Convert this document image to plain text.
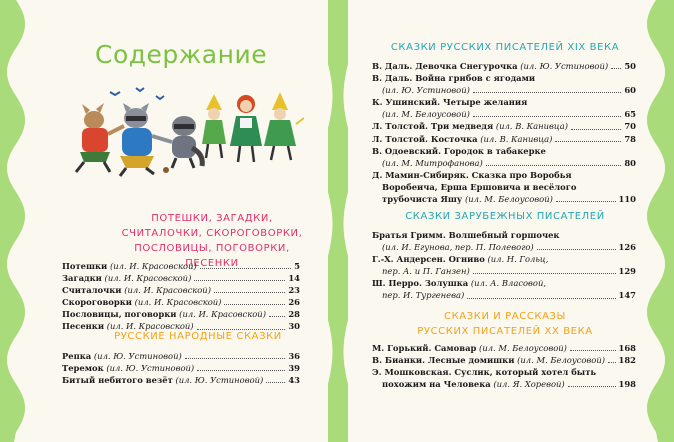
Содержание
ПОТЕШКИ, ЗАГАДКИ,
СЧИТАЛОЧКИ, СКОРОГОВОРКИ,
ПОСЛОВИЦЫ, ПОГОВОРКИ, ПЕСЕНКИ
Потешки (ил. И. Красовской)	5
Загадки (ил. И. Красовской)	14
Считалочки (ил. И. Красовской)	23
Скороговорки (ил. И. Красовской)	26
Пословицы, поговорки (ил. И. Красовской)	28
Песенки (ил. И. Красовской)	30
РУССКИЕ НАРОДНЫЕ СКАЗКИ
Репка (ил. Ю. Устиновой)	36
Теремок (ил. Ю. Устиновой)	39
Битый небитого везёт (ил. Ю. Устиновой)	43
СКАЗКИ РУССКИХ ПИСАТЕЛЕЙ XIX ВЕКА
В. Даль. Девочка Снегурочка (ил. Ю. Устиновой) 50
В. Даль. Война грибов с ягодами
(ил. Ю. Устиновой)	60
К. Ушинский. Четыре желания
(ил. М. Белоусовой)	65
Л. Толстой. Три медведя (ил. В. Канивца)	70
Л. Толстой. Косточка (ил. В. Канивца)	78
В. Одоевский. Городок в табакерке
(ил. М. Митрофанова)	80
Д. Мамин-Сибиряк. Сказка про Воробья
Воробеича, Ерша Ершовича и весёлого
трубочиста Яшу (ил. М. Белоусовой)	110
СКАЗКИ ЗАРУБЕЖНЫХ ПИСАТЕЛЕЙ
Братья Гримм. Волшебный горшочек
(ил. И. Егунова, пер. П. Полевого)	126
Г.-Х. Андерсен. Огниво (ил. Н. Гольц,
пер. А. и П. Ганзен)	129
Ш. Перро. Золушка (ил. А. Власовой,
пер. И. Тургенева)	147
СКАЗКИ И РАССКАЗЫ
РУССКИХ ПИСАТЕЛЕЙ XX ВЕКА
М. Горький. Самовар (ил. М. Белоусовой)	168
В. Бианки. Лесные домишки (ил. М. Белоусовой) 182
Э. Мошковская. Суслик, который хотел быть
похожим на Человека (ил. Я. Хоревой)	198
